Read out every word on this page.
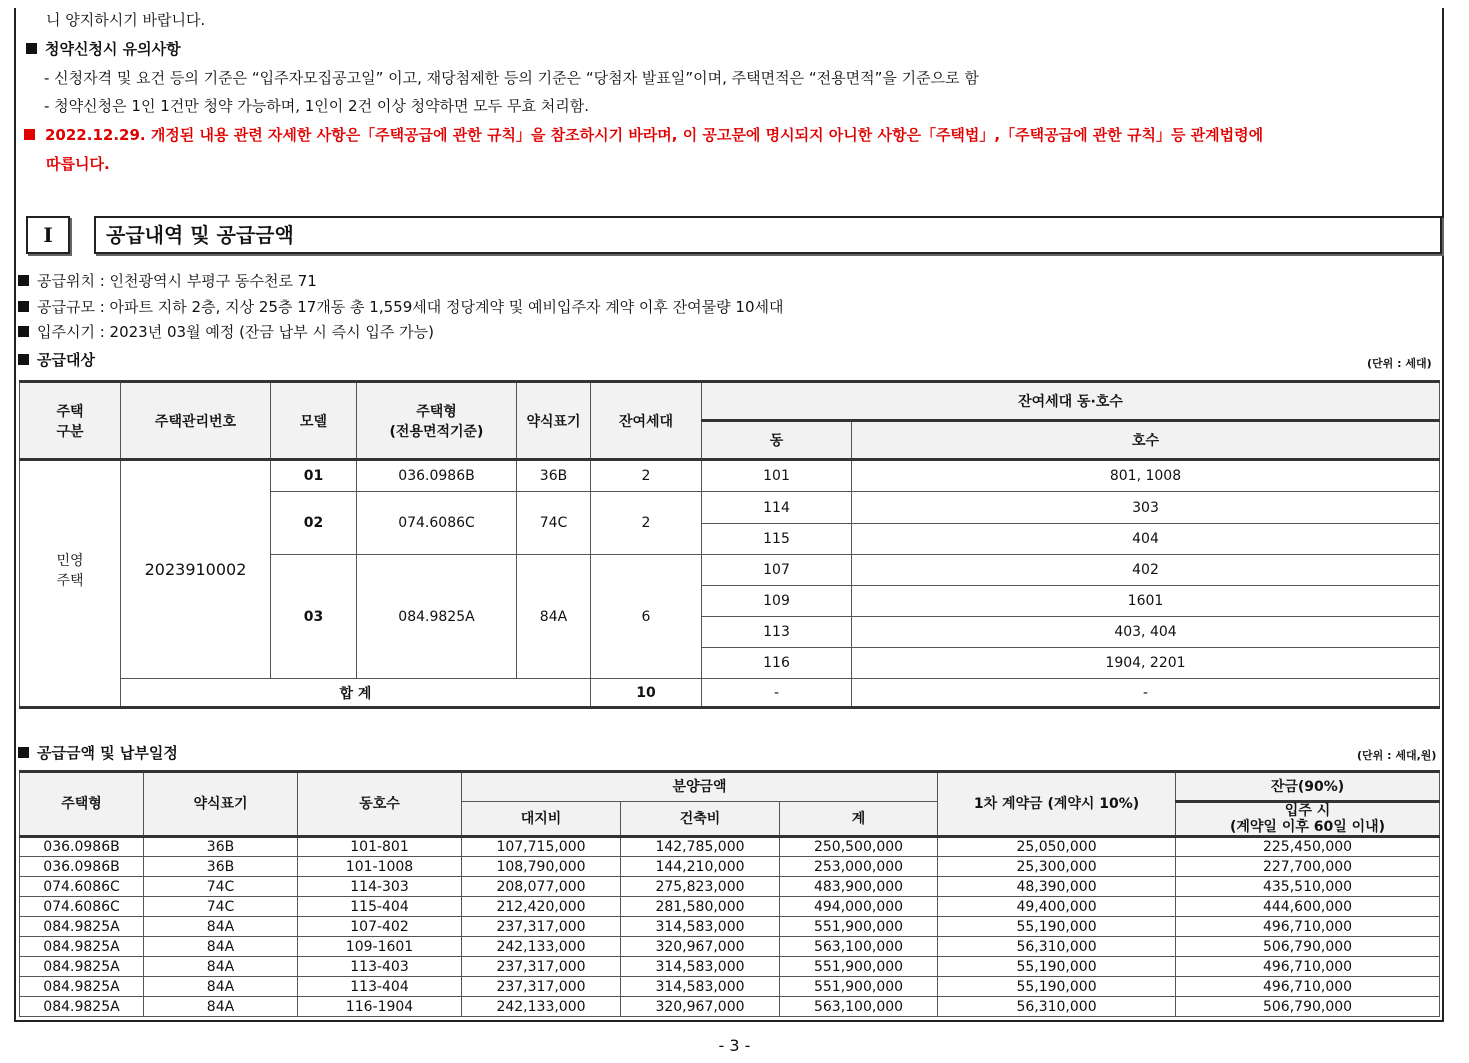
니 양지하시기 바랍니다.
청약신청시 유의사항
- 신청자격 및 요건 등의 기준은 “입주자모집공고일” 이고, 재당첨제한 등의 기준은 “당첨자 발표일”이며, 주택면적은 “전용면적”을 기준으로 함
- 청약신청은 1인 1건만 청약 가능하며, 1인이 2건 이상 청약하면 모두 무효 처리함.
2022.12.29. 개정된 내용 관련 자세한 사항은「주택공급에 관한 규칙」을 참조하시기 바라며, 이 공고문에 명시되지 아니한 사항은「주택법」,「주택공급에 관한 규칙」등 관계법령에
따릅니다.
I	공급내역 및 공급금액
공급위치 : 인천광역시 부평구 동수천로 71
공급규모 : 아파트 지하 2층, 지상 25층 17개동 총 1,559세대 정당계약 및 예비입주자 계약 이후 잔여물량 10세대
입주시기 : 2023년 03월 예정 (잔금 납부 시 즉시 입주 가능)
공급대상	(단위 : 세대)
주택
구분	주택관리번호	모델	주택형
(전용면적기준)	약식표기	잔여세대	잔여세대 동·호수	
						동	호수
민영
주택	2023910002	01	036.0986B	36B	2	101	801, 1008
		02	074.6086C	74C	2	114	303
						115	404
		03	084.9825A	84A	6	107	402
						109	1601
						113	403, 404
						116	1904, 2201
	합 계				10	-	-
공급금액 및 납부일정	(단위 : 세대,원)
주택형	약식표기	동호수	분양금액			1차 계약금 (계약시 10%)	잔금(90%)
			대지비	건축비	계		입주 시
(계약일 이후 60일 이내)
036.0986B	36B	101-801	107,715,000	142,785,000	250,500,000	25,050,000	225,450,000
036.0986B	36B	101-1008	108,790,000	144,210,000	253,000,000	25,300,000	227,700,000
074.6086C	74C	114-303	208,077,000	275,823,000	483,900,000	48,390,000	435,510,000
074.6086C	74C	115-404	212,420,000	281,580,000	494,000,000	49,400,000	444,600,000
084.9825A	84A	107-402	237,317,000	314,583,000	551,900,000	55,190,000	496,710,000
084.9825A	84A	109-1601	242,133,000	320,967,000	563,100,000	56,310,000	506,790,000
084.9825A	84A	113-403	237,317,000	314,583,000	551,900,000	55,190,000	496,710,000
084.9825A	84A	113-404	237,317,000	314,583,000	551,900,000	55,190,000	496,710,000
084.9825A	84A	116-1904	242,133,000	320,967,000	563,100,000	56,310,000	506,790,000
- 3 -
